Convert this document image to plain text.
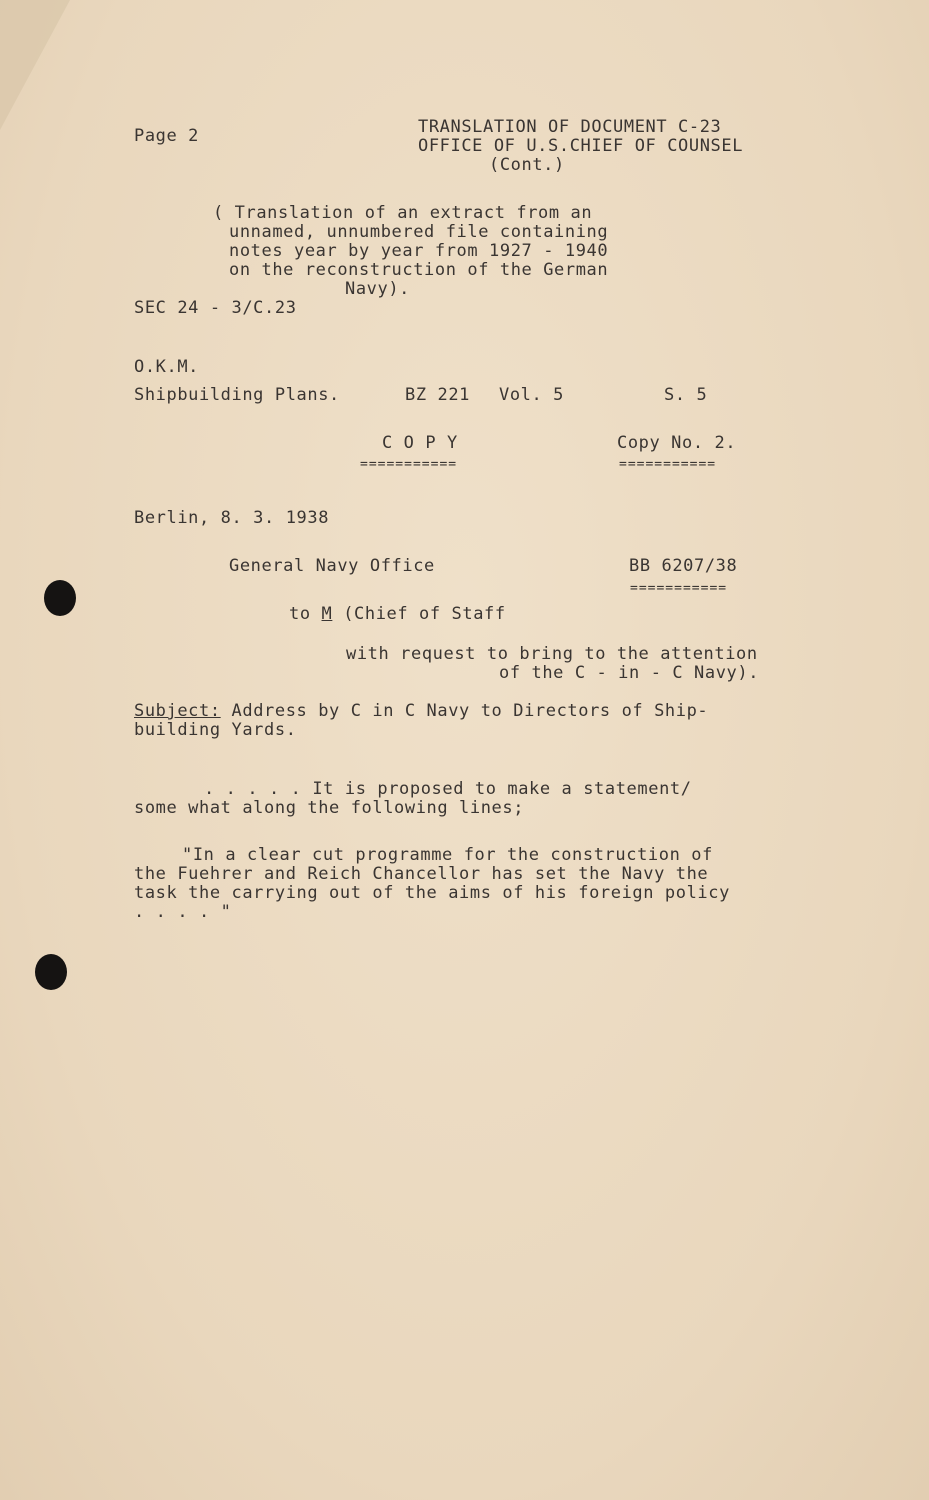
Page 2	TRANSLATION OF DOCUMENT C-23
OFFICE OF U.S.CHIEF OF COUNSEL
(Cont.)
( Translation of an extract from an
unnamed, unnumbered file containing
notes year by year from 1927 - 1940
on the reconstruction of the German
Navy).
SEC 24 - 3/C.23
O.K.M.
Shipbuilding Plans.	BZ 221 Vol. 5	S. 5
C O P Y	Copy No. 2.
===========	===========
Berlin, 8. 3. 1938
General Navy Office	BB 6207/38
===========
to M (Chief of Staff
with request to bring to the attention
of the C - in - C Navy).
Subject: Address by C in C Navy to Directors of Ship-
building Yards.
. . . . . It is proposed to make a statement/
some what along the following lines;
"In a clear cut programme for the construction of
the Fuehrer and Reich Chancellor has set the Navy the
task the carrying out of the aims of his foreign policy
. . . . "
